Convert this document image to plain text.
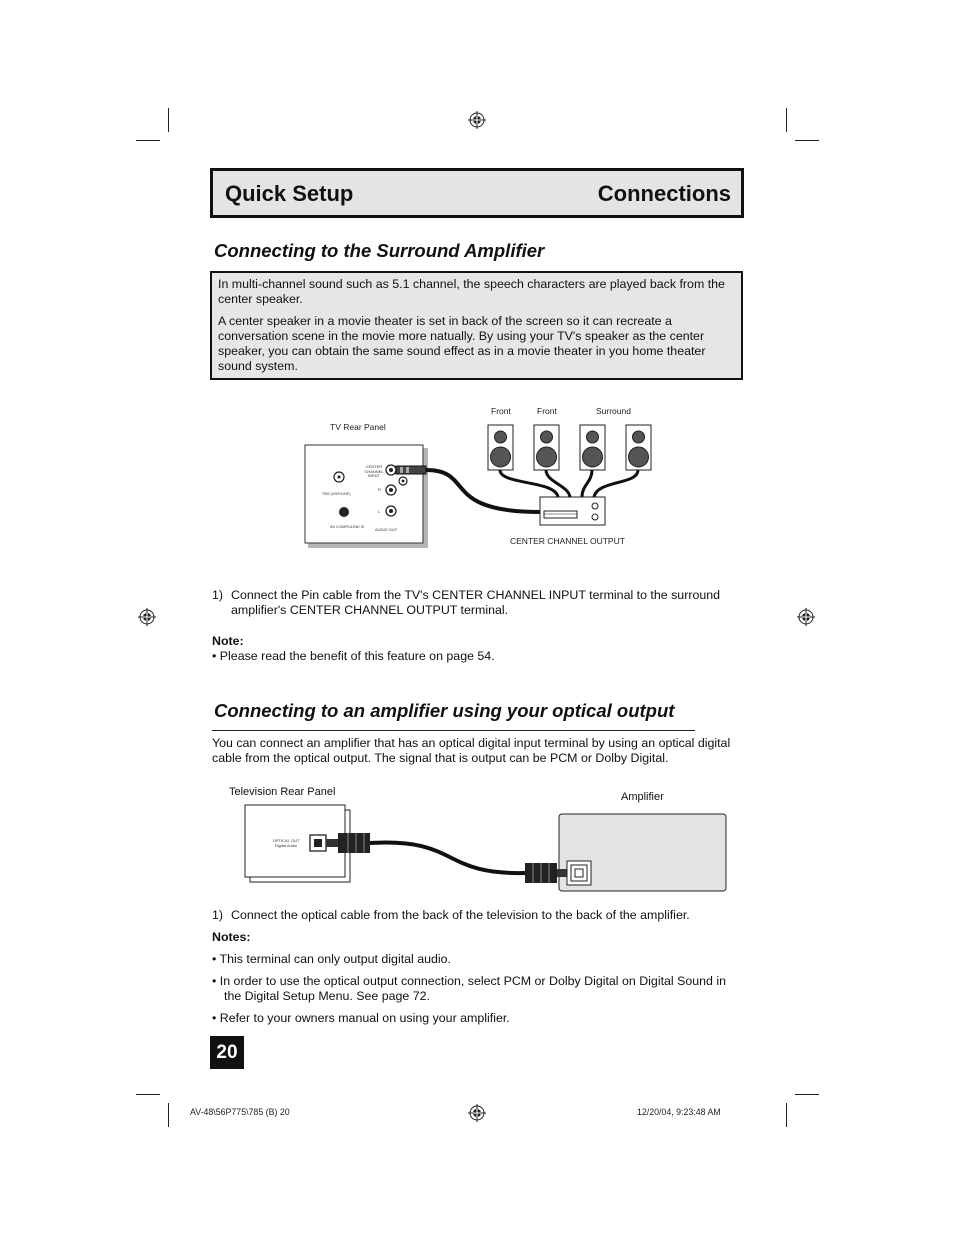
Quick Setup	Connections
Connecting to the Surround Amplifier

In multi-channel sound such as 5.1 channel, the speech characters are played back from the center speaker.

A center speaker in a movie theater is set in back of the screen so it can recreate a conversation scene in the movie more natually. By using your TV's speaker as the center speaker, you can obtain the same sound effect as in a movie theater in you home theater sound system.

TV Rear Panel
Front	Front	Surround
CENTER CHANNEL OUTPUT
CENTER CHANNEL INPUT
R
L
75Ω (VHF/UHF)
AV COMPULINK III
AUDIO OUT
1) Connect the Pin cable from the TV's CENTER CHANNEL INPUT terminal to the surround amplifier's CENTER CHANNEL OUTPUT terminal.
Note:
• Please read the benefit of this feature on page 54.
Connecting to an amplifier using your optical output
You can connect an amplifier that has an optical digital input terminal by using an optical digital cable from the optical output. The signal that is output can be PCM or Dolby Digital.
Television Rear Panel	Amplifier
OPTICAL OUT
Digital Audio
1) Connect the optical cable from the back of the television to the back of the amplifier.
Notes:
• This terminal can only output digital audio.
• In order to use the optical output connection, select PCM or Dolby Digital on Digital Sound in
the Digital Setup Menu. See page 72.
• Refer to your owners manual on using your amplifier.
20
AV-48\56P775\785 (B) 20	12/20/04, 9:23:48 AM
